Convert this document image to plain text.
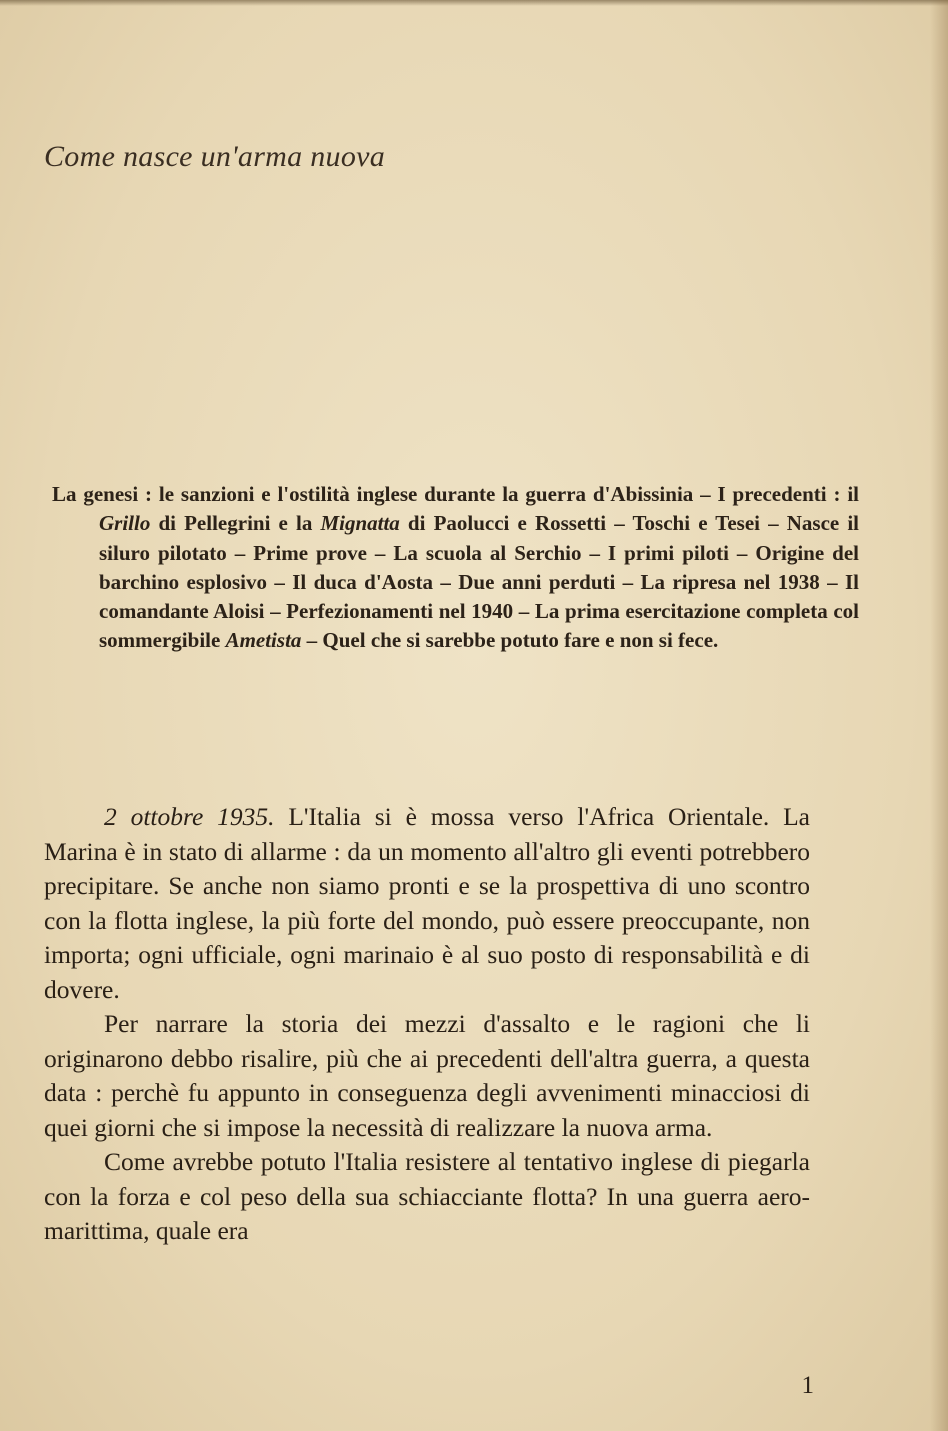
Come nasce un'arma nuova
La genesi : le sanzioni e l'ostilità inglese durante la guerra d'Abissinia – I precedenti : il Grillo di Pellegrini e la Mignatta di Paolucci e Rossetti – Toschi e Tesei – Nasce il siluro pilotato – Prime prove – La scuola al Serchio – I primi piloti – Origine del barchino esplosivo – Il duca d'Aosta – Due anni perduti – La ripresa nel 1938 – Il comandante Aloisi – Perfezionamenti nel 1940 – La prima esercitazione completa col sommergibile Ametista – Quel che si sarebbe potuto fare e non si fece.

2 ottobre 1935. L'Italia si è mossa verso l'Africa Orientale. La Marina è in stato di allarme : da un momento all'altro gli eventi potrebbero precipitare. Se anche non siamo pronti e se la prospettiva di uno scontro con la flotta inglese, la più forte del mondo, può essere preoccupante, non importa; ogni ufficiale, ogni marinaio è al suo posto di responsabilità e di dovere.

Per narrare la storia dei mezzi d'assalto e le ragioni che li originarono debbo risalire, più che ai precedenti dell'altra guerra, a questa data : perchè fu appunto in conseguenza degli avvenimenti minacciosi di quei giorni che si impose la necessità di realizzare la nuova arma.

Come avrebbe potuto l'Italia resistere al tentativo inglese di piegarla con la forza e col peso della sua schiacciante flotta? In una guerra aero-marittima, quale era

1
